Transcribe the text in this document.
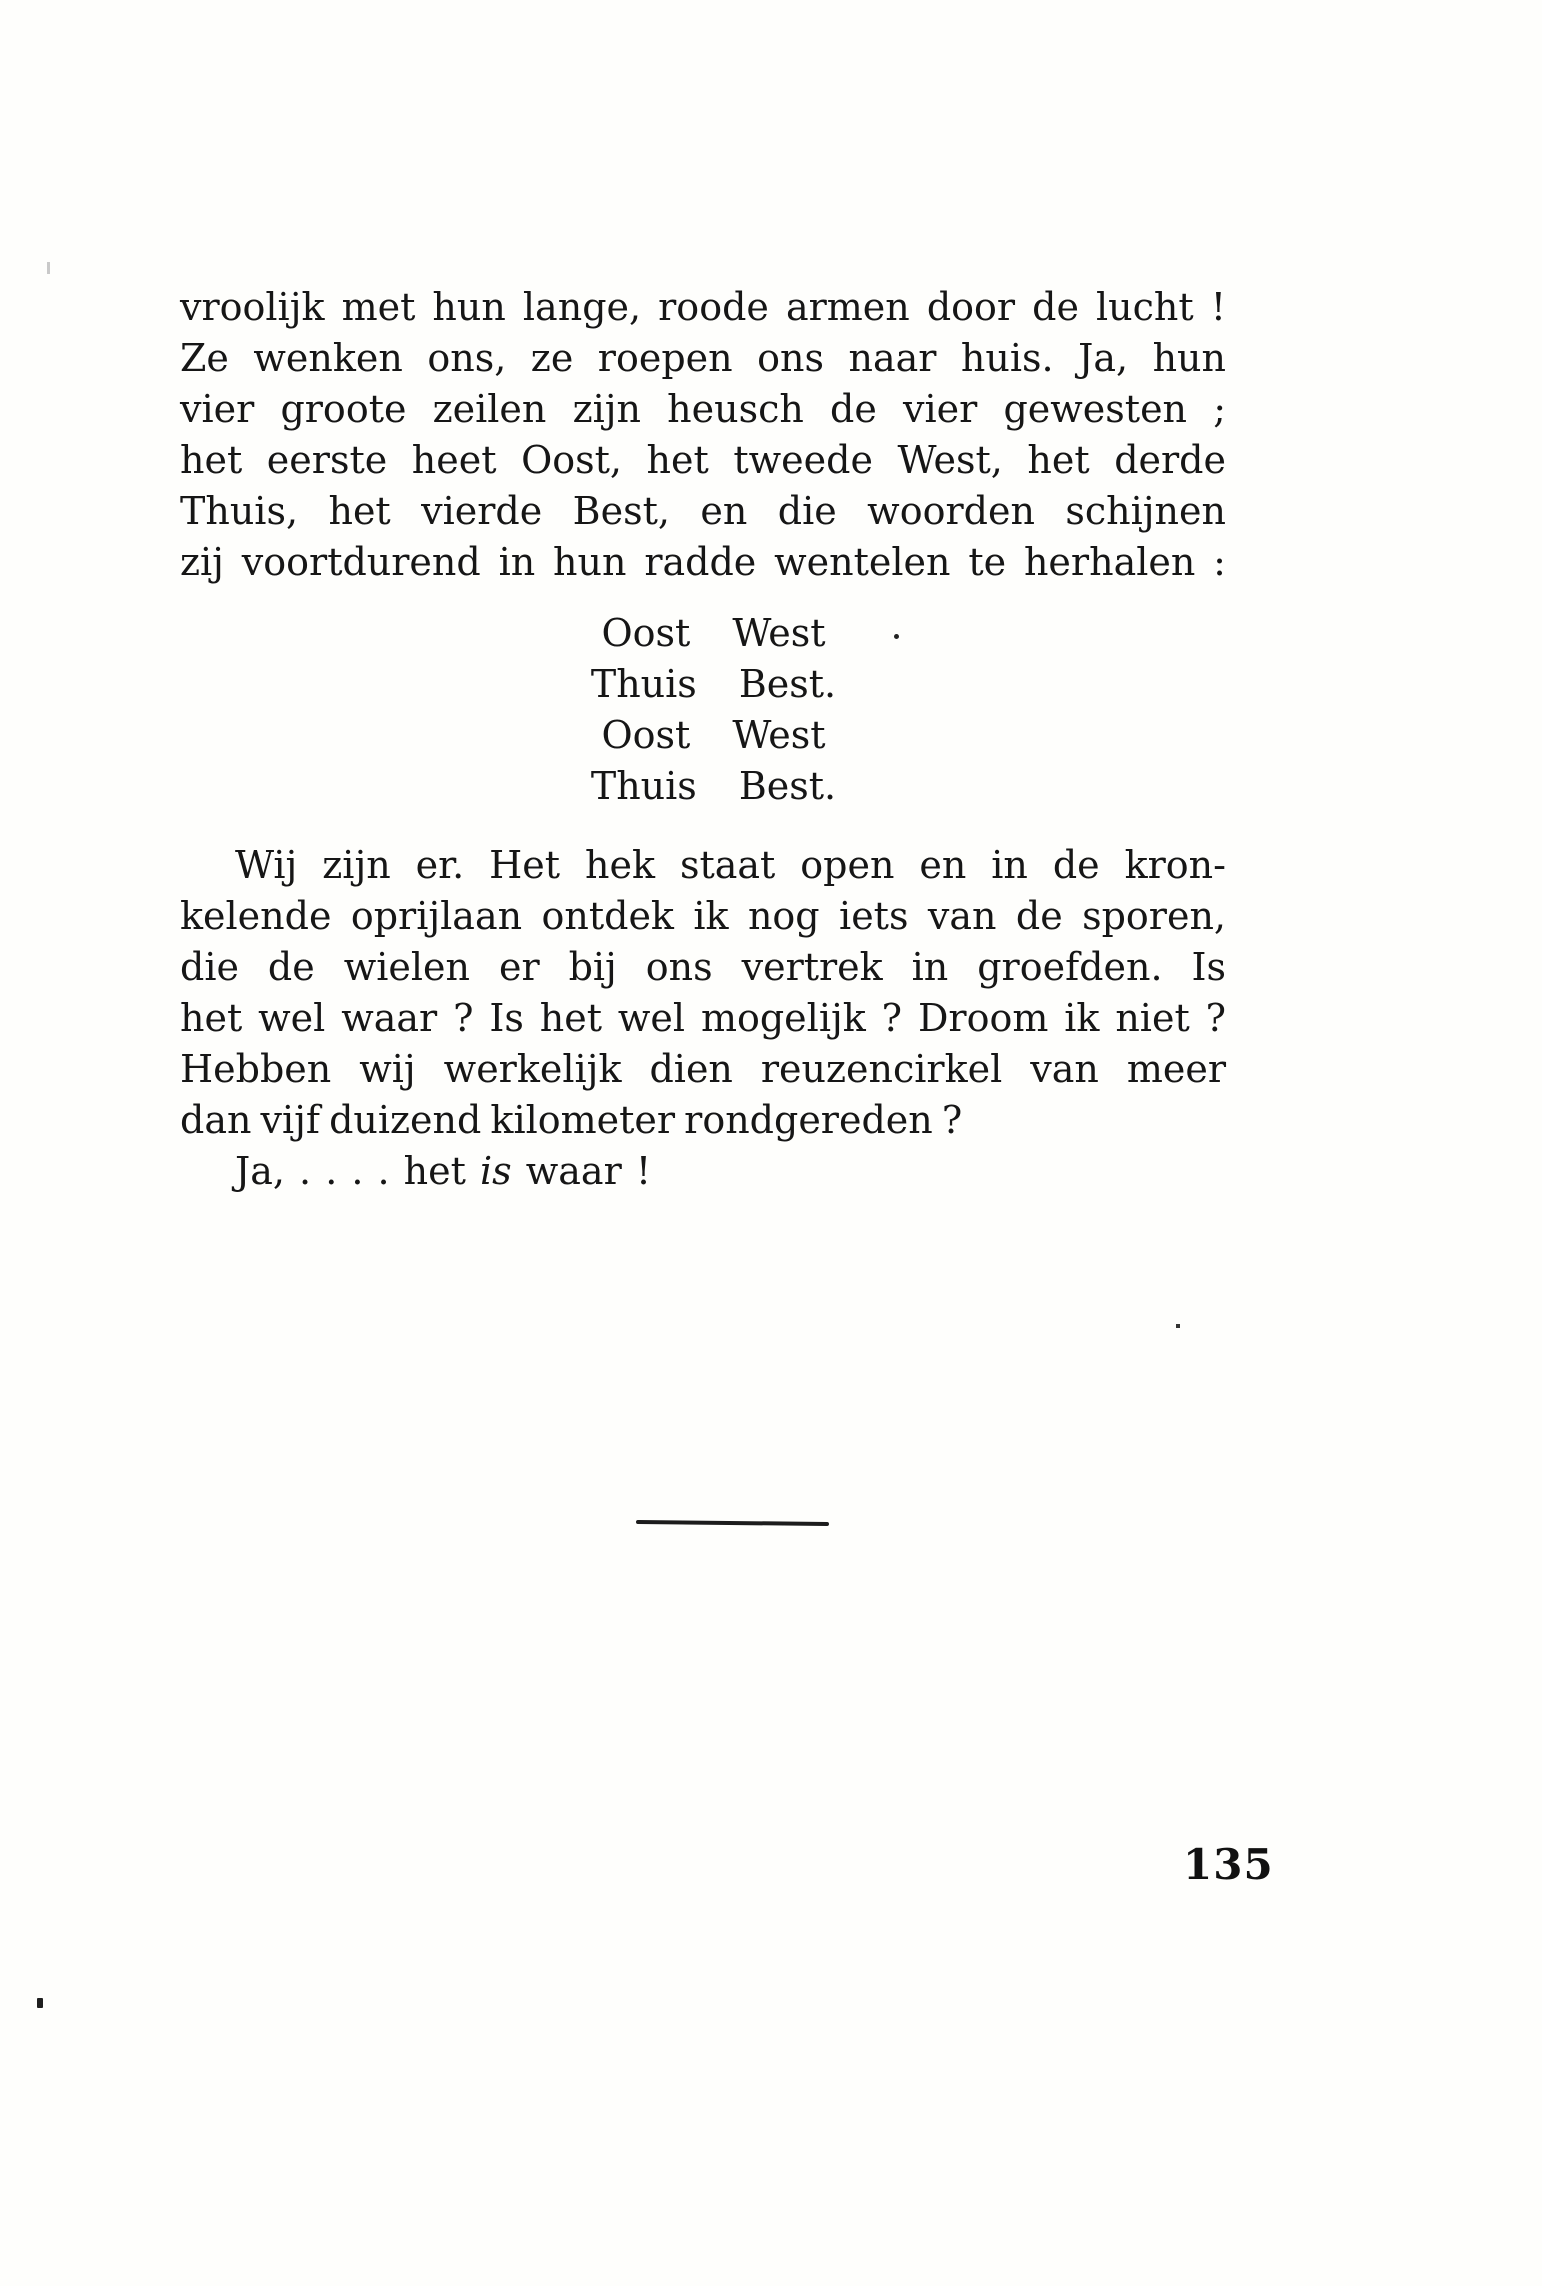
vroolijk met hun lange, roode armen door de lucht !
Ze wenken ons, ze roepen ons naar huis. Ja, hun
vier groote zeilen zijn heusch de vier gewesten ;
het eerste heet Oost, het tweede West, het derde
Thuis, het vierde Best, en die woorden schijnen
zij voortdurend in hun radde wentelen te herhalen :
Oost West
Thuis Best.
Oost West
Thuis Best.
Wij zijn er. Het hek staat open en in de kron-
kelende oprijlaan ontdek ik nog iets van de sporen,
die de wielen er bij ons vertrek in groefden. Is
het wel waar ? Is het wel mogelijk ? Droom ik niet ?
Hebben wij werkelijk dien reuzencirkel van meer
dan vijf duizend kilometer rondgereden ?
Ja, . . . . het is waar !
135
